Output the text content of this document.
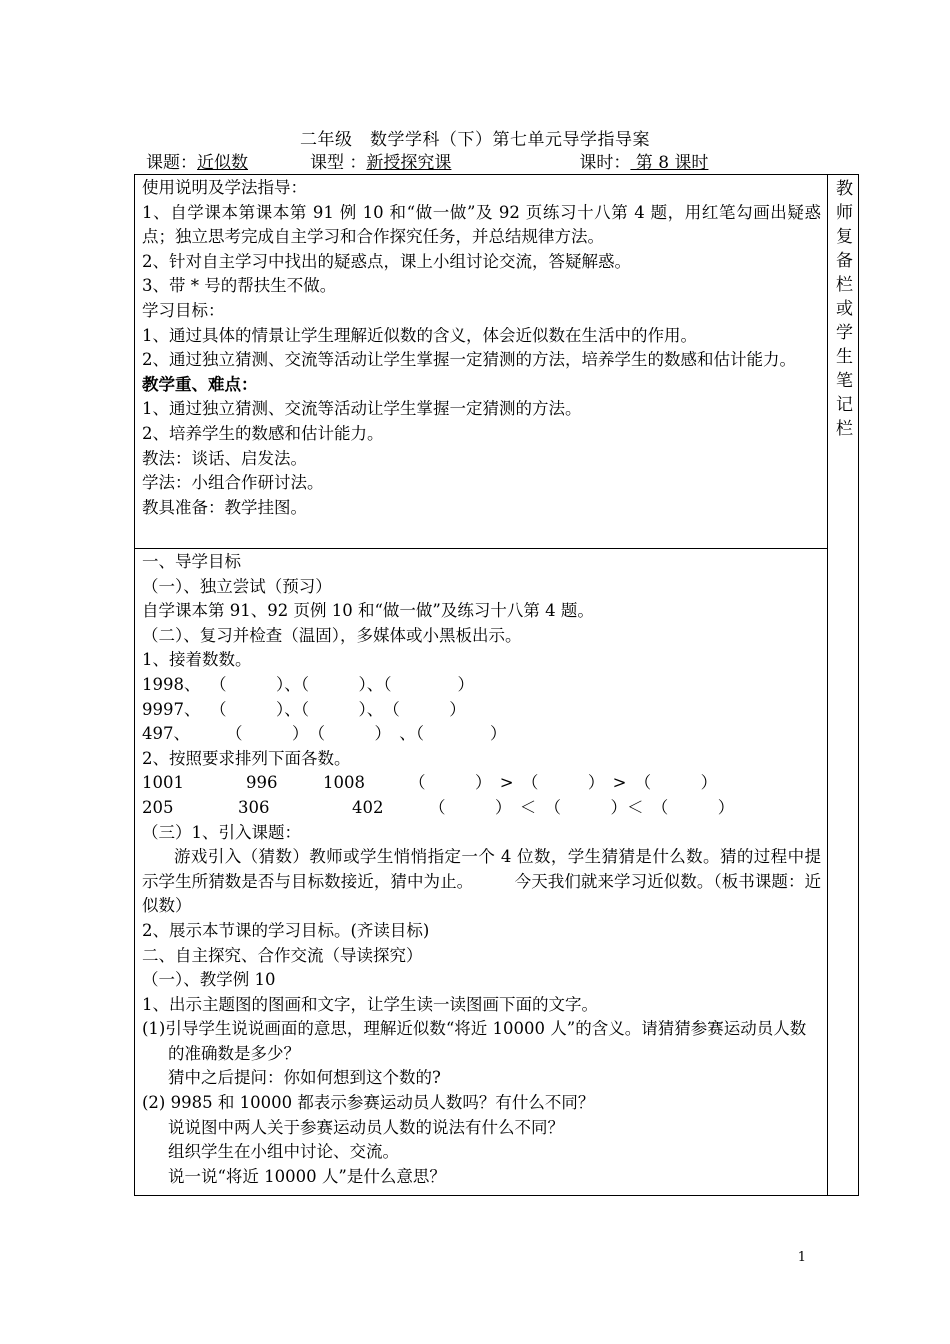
二年级　数学学科（下）第七单元导学指导案
课题：近似数	课型 ：新授探究课	课时： 第 8 课时
使用说明及学法指导：
1、自学课本第课本第 91 例 10 和“做一做”及 92 页练习十八第 4 题，用红笔勾画出疑惑点；独立思考完成自主学习和合作探究任务，并总结规律方法。
2、针对自主学习中找出的疑惑点，课上小组讨论交流，答疑解惑。
3、带 * 号的帮扶生不做。
学习目标：
1、通过具体的情景让学生理解近似数的含义，体会近似数在生活中的作用。
2、通过独立猜测、交流等活动让学生掌握一定猜测的方法，培养学生的数感和估计能力。
教学重、难点：
1、通过独立猜测、交流等活动让学生掌握一定猜测的方法。
2、培养学生的数感和估计能力。
教法：谈话、启发法。
学法：小组合作研讨法。
教具准备：教学挂图。

教师复备栏或学生笔 记 栏

一、导学目标
（一）、独立尝试（预习）
自学课本第 91、92 页例 10 和“做一做”及练习十八第 4 题。
（二）、复习并检查（温固），多媒体或小黑板出示。
1、接着数数。
1998、 （　　　）、（　　　）、（　　　　）
9997、 （　　　）、（　　　）、　（　　　）
497、 （　　　）　（　　　）　、（　　　　）
2、按照要求排列下面各数。
1001	996	1008	（　　　）　>　（　　　）　>　（　　　）
205	306	402	（　　　）　＜　（　　　）＜　（　　　）
（三）1、引入课题：
游戏引入（猜数）教师或学生悄悄指定一个 4 位数，学生猜猜是什么数。猜的过程中提示学生所猜数是否与目标数接近，猜中为止。　　　今天我们就来学习近似数。（板书课题：近似数）
2、展示本节课的学习目标。(齐读目标)
二、自主探究、合作交流（导读探究）
（一）、教学例 10
1、出示主题图的图画和文字，让学生读一读图画下面的文字。
(1)引导学生说说画面的意思，理解近似数“将近 10000 人”的含义。请猜猜参赛运动员人数的准确数是多少？
猜中之后提问：你如何想到这个数的?
(2) 9985 和 10000 都表示参赛运动员人数吗？有什么不同？
说说图中两人关于参赛运动员人数的说法有什么不同？
组织学生在小组中讨论、交流。
说一说“将近 10000 人”是什么意思？
1
